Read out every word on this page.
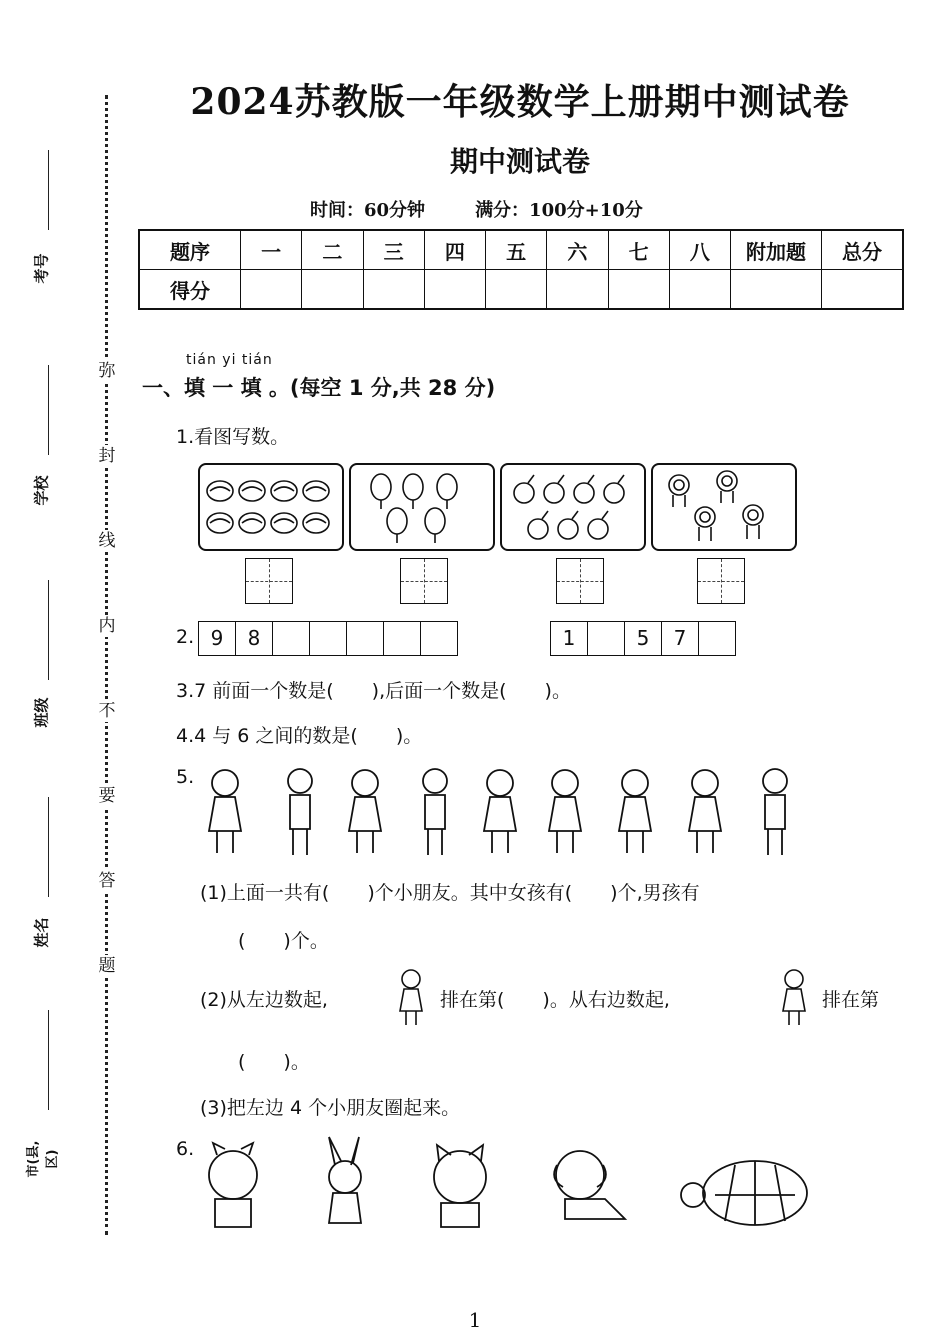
考号
学校
班级
姓名
市(县,区)
弥
封
线
内
不
要
答
题
2024苏教版一年级数学上册期中测试卷
期中测试卷
时间：60分钟	满分：100分+10分
题序	一	二	三	四	五	六	七	八	附加题	总分
得分										
tián yi tián
一、填 一 填 。(每空 1 分,共 28 分)
1.看图写数。
2. 9	8	1	5	7
3.7 前面一个数是(　　),后面一个数是(　　)。
4.4 与 6 之间的数是(　　)。
5.
(1)上面一共有(　　)个小朋友。其中女孩有(　　)个,男孩有
(　　)个。
(2)从左边数起,	排在第(　　)。从右边数起,	排在第
(　　)。
(3)把左边 4 个小朋友圈起来。
6.
1
